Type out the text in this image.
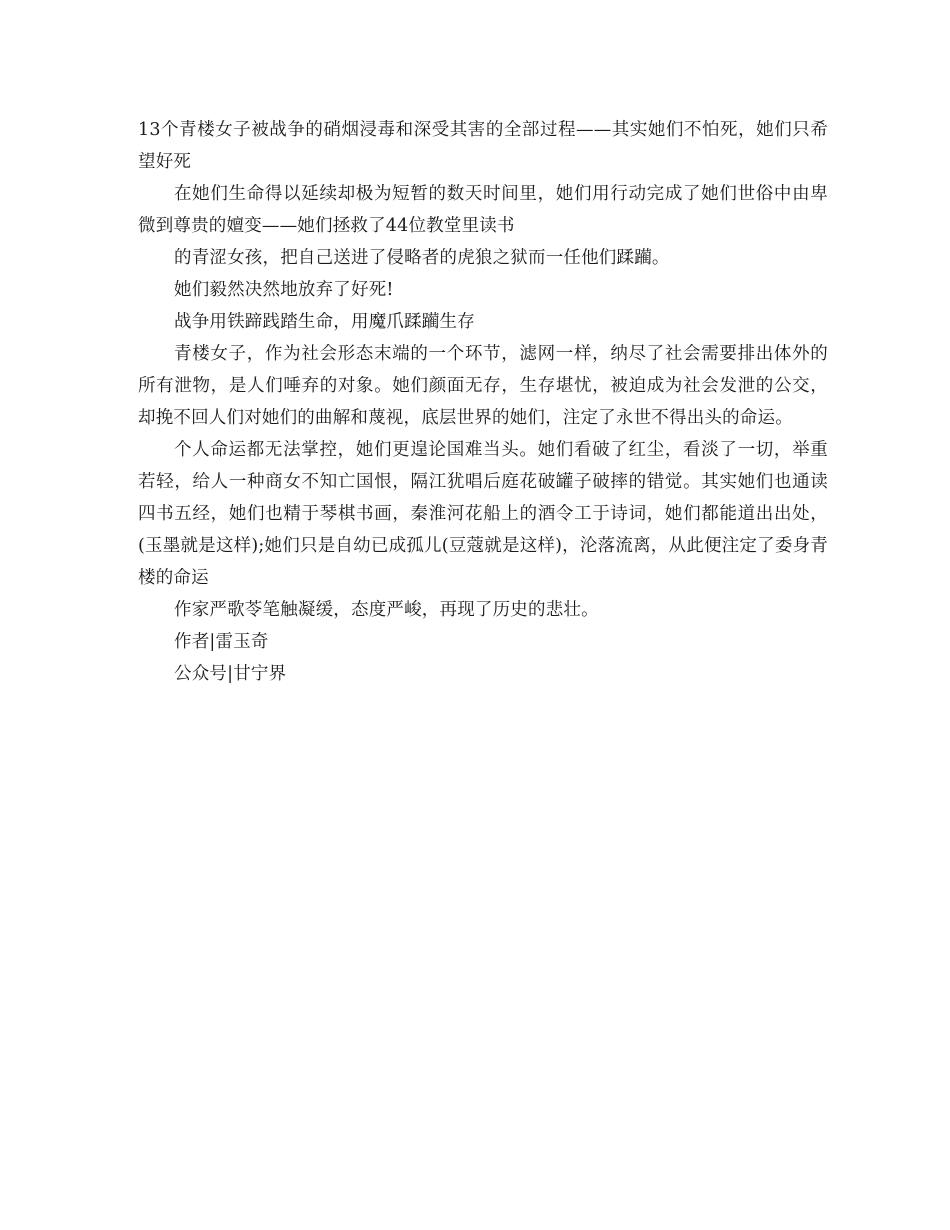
13个青楼女子被战争的硝烟浸毒和深受其害的全部过程——其实她们不怕死，她们只希望好死

在她们生命得以延续却极为短暂的数天时间里，她们用行动完成了她们世俗中由卑微到尊贵的嬗变——她们拯救了44位教堂里读书

的青涩女孩，把自己送进了侵略者的虎狼之狱而一任他们蹂躏。

她们毅然决然地放弃了好死!

战争用铁蹄践踏生命，用魔爪蹂躏生存

青楼女子，作为社会形态末端的一个环节，滤网一样，纳尽了社会需要排出体外的所有泄物，是人们唾弃的对象。她们颜面无存，生存堪忧，被迫成为社会发泄的公交，却挽不回人们对她们的曲解和蔑视，底层世界的她们，注定了永世不得出头的命运。

个人命运都无法掌控，她们更遑论国难当头。她们看破了红尘，看淡了一切，举重若轻，给人一种商女不知亡国恨，隔江犹唱后庭花破罐子破摔的错觉。其实她们也通读四书五经，她们也精于琴棋书画，秦淮河花船上的酒令工于诗词，她们都能道出出处，(玉墨就是这样);她们只是自幼已成孤儿(豆蔻就是这样)，沦落流离，从此便注定了委身青楼的命运

作家严歌苓笔触凝缓，态度严峻，再现了历史的悲壮。

作者|雷玉奇

公众号|甘宁界
